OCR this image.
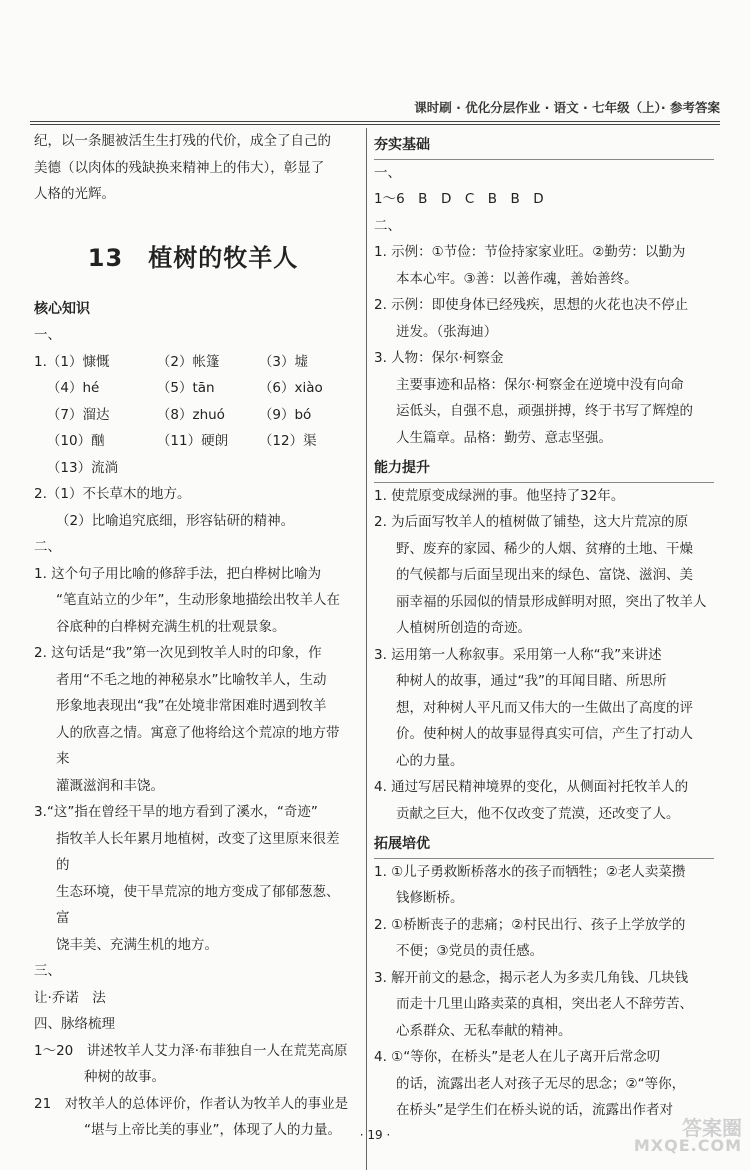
课时刷 · 优化分层作业 · 语文 · 七年级（上）· 参考答案

纪，以一条腿被活生生打残的代价，成全了自己的

美德（以肉体的残缺换来精神上的伟大），彰显了

人格的光辉。

13　植树的牧羊人

核心知识

一、

1. （1）慷慨	（2）帐篷	（3）墟
（4）hé	（5）tān	（6）xiào
（7）溜达	（8）zhuó	（9）bó
（10）酗	（11）硬朗	（12）渠

（13）流淌

2.（1）不长草木的地方。

（2）比喻追究底细，形容钻研的精神。

二、

1. 这个句子用比喻的修辞手法，把白桦树比喻为

“笔直站立的少年”，生动形象地描绘出牧羊人在

谷底种的白桦树充满生机的壮观景象。

2. 这句话是“我”第一次见到牧羊人时的印象，作

者用“不毛之地的神秘泉水”比喻牧羊人，生动

形象地表现出“我”在处境非常困难时遇到牧羊

人的欣喜之情。寓意了他将给这个荒凉的地方带来

灌溉滋润和丰饶。

3.“这”指在曾经干旱的地方看到了溪水，“奇迹”

指牧羊人长年累月地植树，改变了这里原来很差的

生态环境，使干旱荒凉的地方变成了郁郁葱葱、富

饶丰美、充满生机的地方。

三、

让·乔诺　法

四、脉络梳理

1～20　讲述牧羊人艾力泽·布菲独自一人在荒芜高原

种树的故事。

21　对牧羊人的总体评价，作者认为牧羊人的事业是

“堪与上帝比美的事业”，体现了人的力量。

夯实基础

一、

1～6　B　D　C　B　B　D

二、

1. 示例：①节俭：节俭持家家业旺。②勤劳：以勤为

本本心牢。③善：以善作魂，善始善终。

2. 示例：即使身体已经残疾，思想的火花也决不停止

迸发。（张海迪）

3. 人物：保尔·柯察金

主要事迹和品格：保尔·柯察金在逆境中没有向命

运低头，自强不息，顽强拼搏，终于书写了辉煌的

人生篇章。品格：勤劳、意志坚强。

能力提升

1. 使荒原变成绿洲的事。他坚持了32年。

2. 为后面写牧羊人的植树做了铺垫，这大片荒凉的原

野、废弃的家园、稀少的人烟、贫瘠的土地、干燥

的气候都与后面呈现出来的绿色、富饶、滋润、美

丽幸福的乐园似的情景形成鲜明对照，突出了牧羊人

人植树所创造的奇迹。

3. 运用第一人称叙事。采用第一人称“我”来讲述

种树人的故事，通过“我”的耳闻目睹、所思所

想，对种树人平凡而又伟大的一生做出了高度的评

价。使种树人的故事显得真实可信，产生了打动人

心的力量。

4. 通过写居民精神境界的变化，从侧面衬托牧羊人的

贡献之巨大，他不仅改变了荒漠，还改变了人。

拓展培优

1. ①儿子勇救断桥落水的孩子而牺牲；②老人卖菜攒

钱修断桥。

2. ①桥断丧子的悲痛；②村民出行、孩子上学放学的

不便；③党员的责任感。

3. 解开前文的悬念，揭示老人为多卖几角钱、几块钱

而走十几里山路卖菜的真相，突出老人不辞劳苦、

心系群众、无私奉献的精神。

4. ①“等你，在桥头”是老人在儿子离开后常念叨

的话，流露出老人对孩子无尽的思念；②“等你，

在桥头”是学生们在桥头说的话，流露出作者对

· 19 ·	答案圈
MXQE.COM
